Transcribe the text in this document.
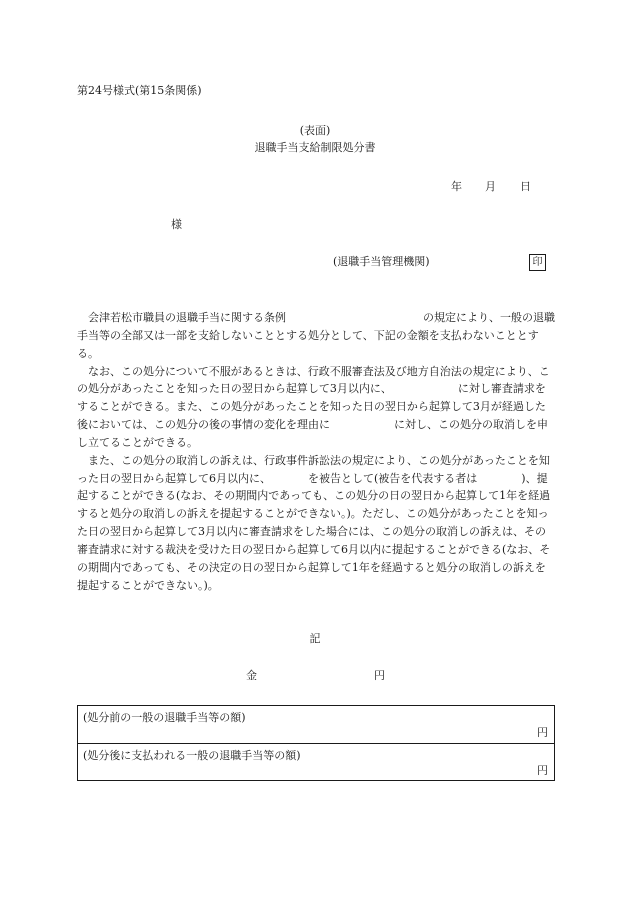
第24号様式(第15条関係)
(表面)
退職手当支給制限処分書
年 月 日
様
(退職手当管理機関)	印

会津若松市職員の退職手当に関する条例	の規定により、一般の退職手当等の全部又は一部を支給しないこととする処分として、下記の金額を支払わないこととする。

なお、この処分について不服があるときは、行政不服審査法及び地方自治法の規定により、この処分があったことを知った日の翌日から起算して3月以内に、	に対し審査請求をすることができる。また、この処分があったことを知った日の翌日から起算して3月が経過した後においては、この処分の後の事情の変化を理由に	に対し、この処分の取消しを申し立てることができる。

また、この処分の取消しの訴えは、行政事件訴訟法の規定により、この処分があったことを知った日の翌日から起算して6月以内に、	を被告として(被告を代表する者は	)、提起することができる(なお、その期間内であっても、この処分の日の翌日から起算して1年を経過すると処分の取消しの訴えを提起することができない。)。ただし、この処分があったことを知った日の翌日から起算して3月以内に審査請求をした場合には、この処分の取消しの訴えは、その審査請求に対する裁決を受けた日の翌日から起算して6月以内に提起することができる(なお、その期間内であっても、その決定の日の翌日から起算して1年を経過すると処分の取消しの訴えを提起することができない。)。

記
金	円
(処分前の一般の退職手当等の額)
円
(処分後に支払われる一般の退職手当等の額)
円
